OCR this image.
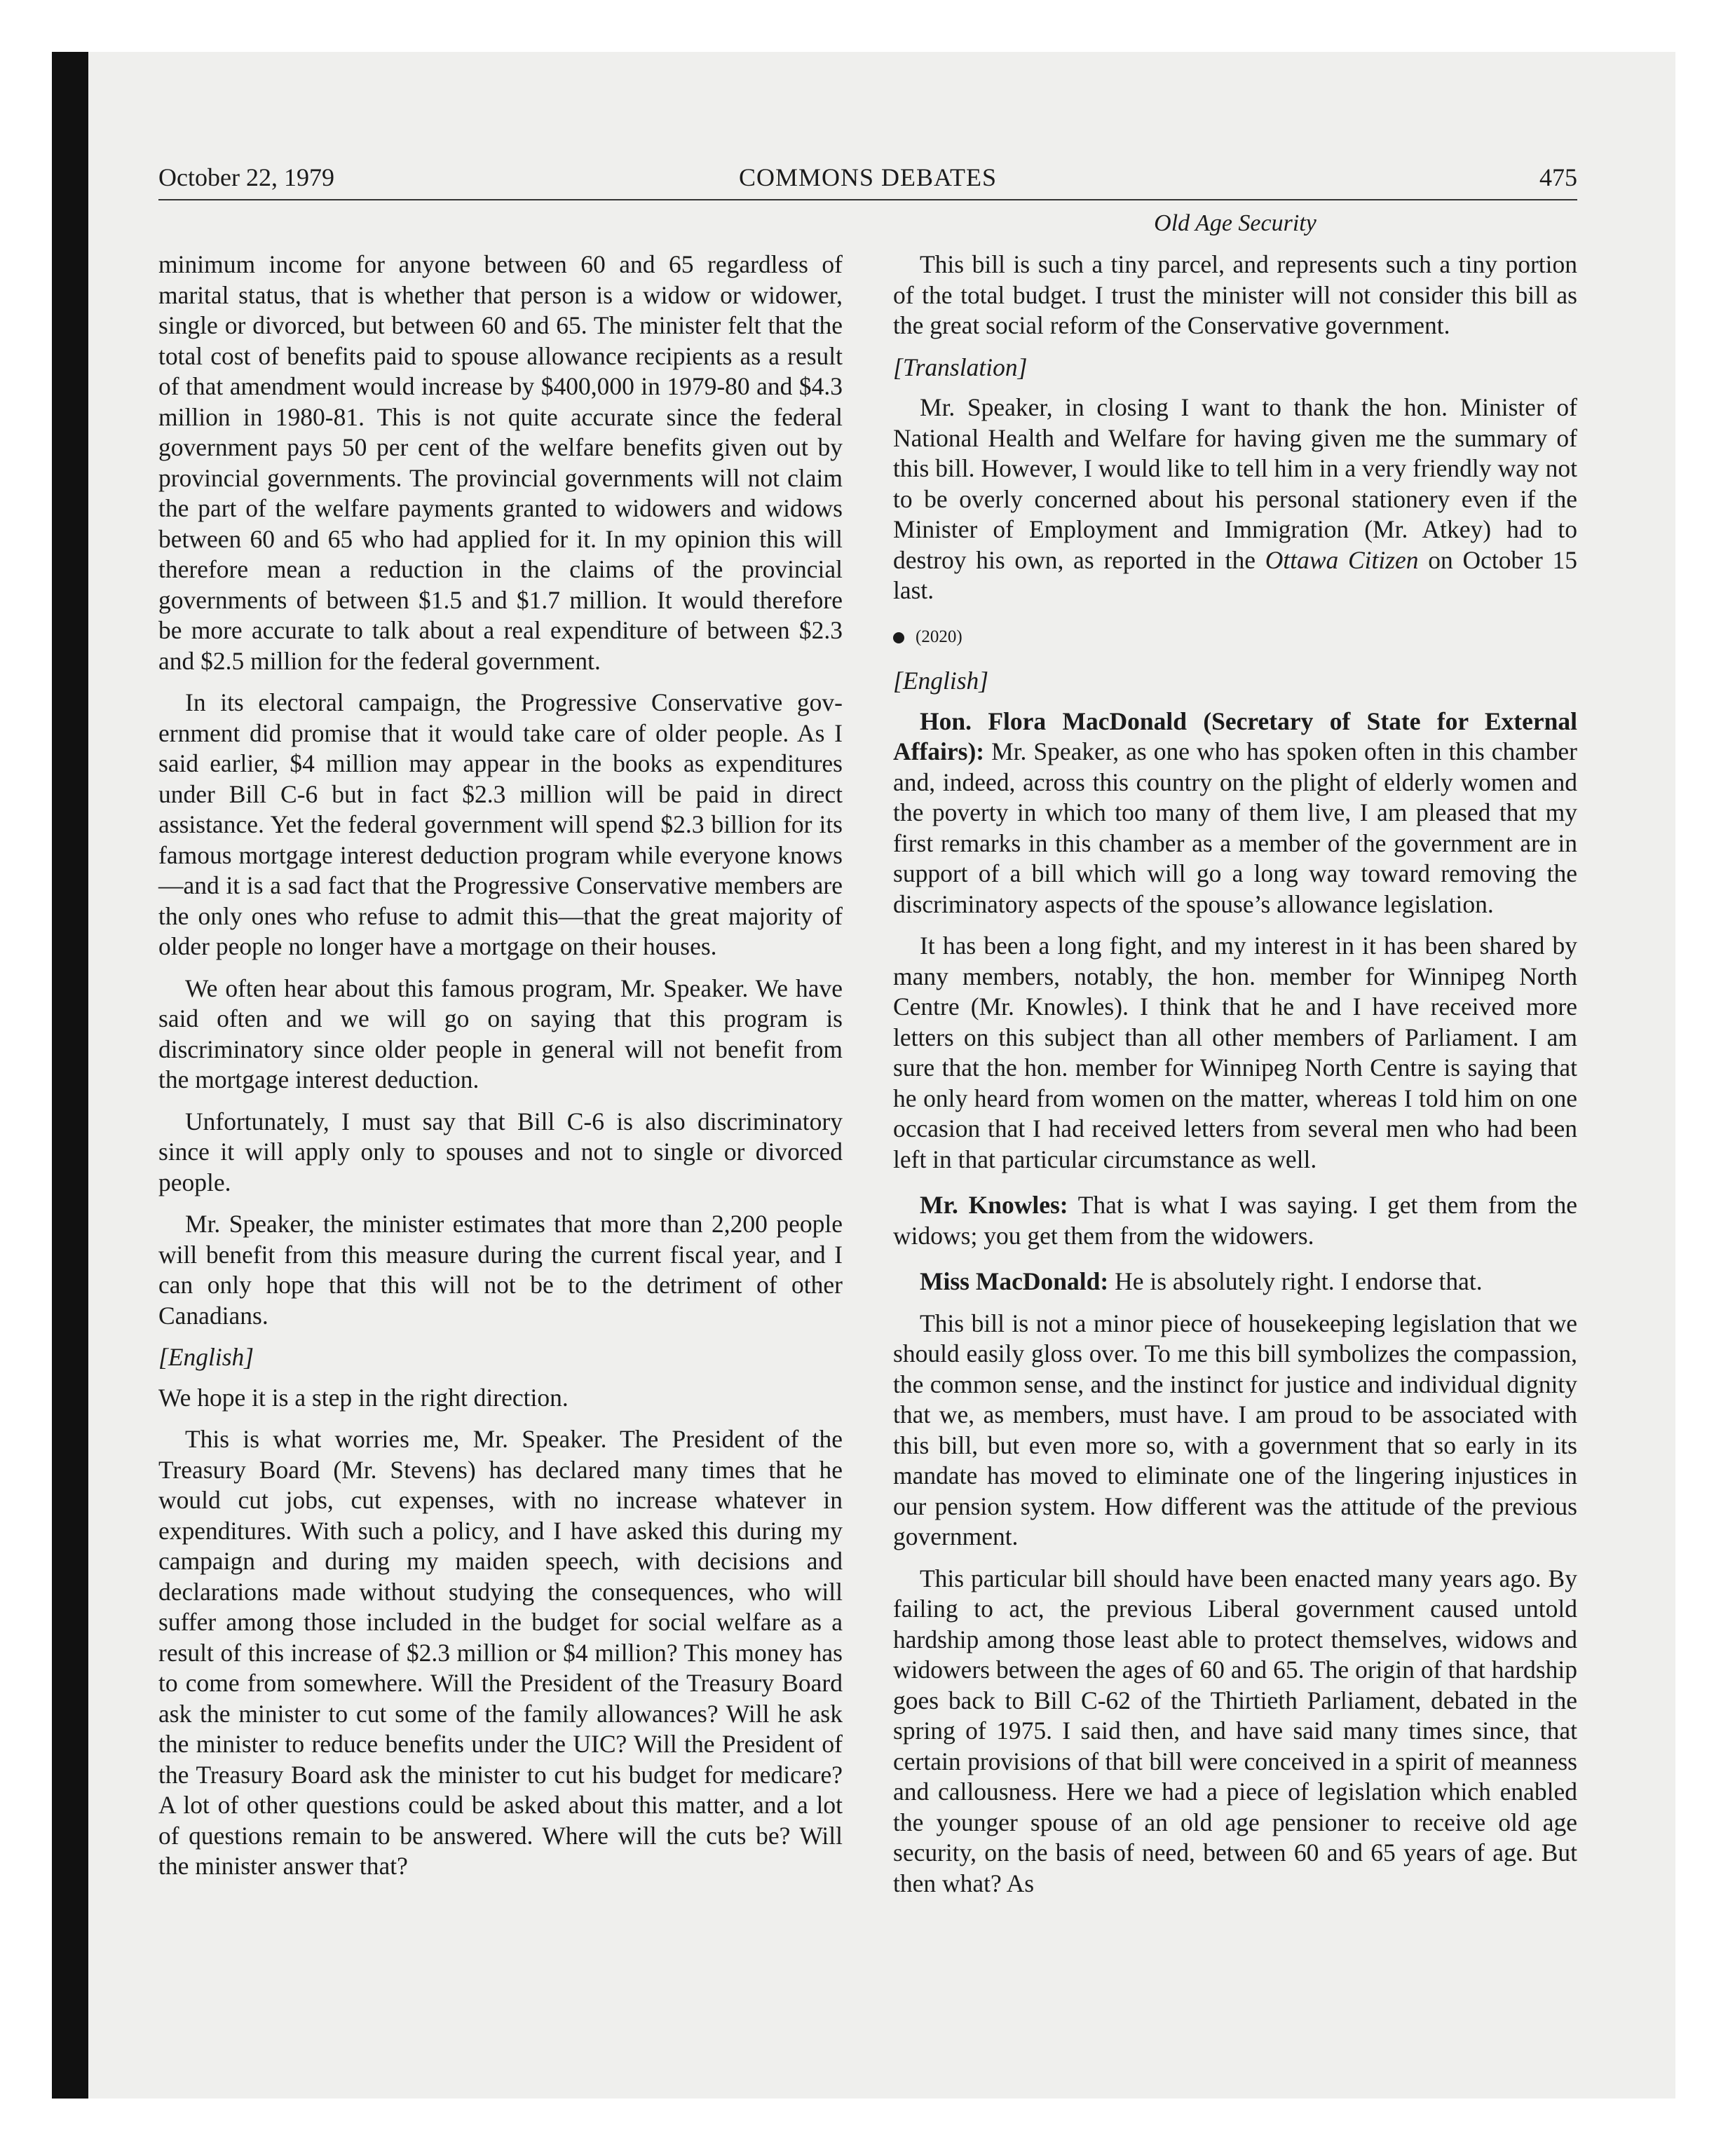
October 22, 1979	COMMONS DEBATES	475
Old Age Security

minimum income for anyone between 60 and 65 regardless of marital status, that is whether that person is a widow or widower, single or divorced, but between 60 and 65. The minister felt that the total cost of benefits paid to spouse allowance recipients as a result of that amendment would increase by $400,000 in 1979-80 and $4.3 million in 1980-81. This is not quite accurate since the federal government pays 50 per cent of the welfare benefits given out by provincial governments. The provincial governments will not claim the part of the welfare payments granted to widowers and widows between 60 and 65 who had applied for it. In my opinion this will therefore mean a reduction in the claims of the provincial governments of between $1.5 and $1.7 million. It would therefore be more accurate to talk about a real expenditure of between $2.3 and $2.5 million for the federal government.

In its electoral campaign, the Progressive Conservative government did promise that it would take care of older people. As I said earlier, $4 million may appear in the books as expenditures under Bill C-6 but in fact $2.3 million will be paid in direct assistance. Yet the federal government will spend $2.3 billion for its famous mortgage interest deduction program while everyone knows—and it is a sad fact that the Progressive Conservative members are the only ones who refuse to admit this—that the great majority of older people no longer have a mortgage on their houses.

We often hear about this famous program, Mr. Speaker. We have said often and we will go on saying that this program is discriminatory since older people in general will not benefit from the mortgage interest deduction.

Unfortunately, I must say that Bill C-6 is also discriminatory since it will apply only to spouses and not to single or divorced people.

Mr. Speaker, the minister estimates that more than 2,200 people will benefit from this measure during the current fiscal year, and I can only hope that this will not be to the detriment of other Canadians.

[English]

We hope it is a step in the right direction.

This is what worries me, Mr. Speaker. The President of the Treasury Board (Mr. Stevens) has declared many times that he would cut jobs, cut expenses, with no increase whatever in expenditures. With such a policy, and I have asked this during my campaign and during my maiden speech, with decisions and declarations made without studying the consequences, who will suffer among those included in the budget for social welfare as a result of this increase of $2.3 million or $4 million? This money has to come from somewhere. Will the President of the Treasury Board ask the minister to cut some of the family allowances? Will he ask the minister to reduce benefits under the UIC? Will the President of the Treasury Board ask the minister to cut his budget for medicare? A lot of other questions could be asked about this matter, and a lot of questions remain to be answered. Where will the cuts be? Will the minister answer that?

This bill is such a tiny parcel, and represents such a tiny portion of the total budget. I trust the minister will not consider this bill as the great social reform of the Conservative government.

[Translation]

Mr. Speaker, in closing I want to thank the hon. Minister of National Health and Welfare for having given me the summary of this bill. However, I would like to tell him in a very friendly way not to be overly concerned about his personal stationery even if the Minister of Employment and Immigration (Mr. Atkey) had to destroy his own, as reported in the Ottawa Citizen on October 15 last.

(2020)

[English]

Hon. Flora MacDonald (Secretary of State for External Affairs): Mr. Speaker, as one who has spoken often in this chamber and, indeed, across this country on the plight of elderly women and the poverty in which too many of them live, I am pleased that my first remarks in this chamber as a member of the government are in support of a bill which will go a long way toward removing the discriminatory aspects of the spouse’s allowance legislation.

It has been a long fight, and my interest in it has been shared by many members, notably, the hon. member for Winnipeg North Centre (Mr. Knowles). I think that he and I have received more letters on this subject than all other members of Parliament. I am sure that the hon. member for Winnipeg North Centre is saying that he only heard from women on the matter, whereas I told him on one occasion that I had received letters from several men who had been left in that particular circumstance as well.

Mr. Knowles: That is what I was saying. I get them from the widows; you get them from the widowers.

Miss MacDonald: He is absolutely right. I endorse that.

This bill is not a minor piece of housekeeping legislation that we should easily gloss over. To me this bill symbolizes the compassion, the common sense, and the instinct for justice and individual dignity that we, as members, must have. I am proud to be associated with this bill, but even more so, with a government that so early in its mandate has moved to eliminate one of the lingering injustices in our pension system. How different was the attitude of the previous government.

This particular bill should have been enacted many years ago. By failing to act, the previous Liberal government caused untold hardship among those least able to protect themselves, widows and widowers between the ages of 60 and 65. The origin of that hardship goes back to Bill C-62 of the Thirtieth Parliament, debated in the spring of 1975. I said then, and have said many times since, that certain provisions of that bill were conceived in a spirit of meanness and callousness. Here we had a piece of legislation which enabled the younger spouse of an old age pensioner to receive old age security, on the basis of need, between 60 and 65 years of age. But then what? As
